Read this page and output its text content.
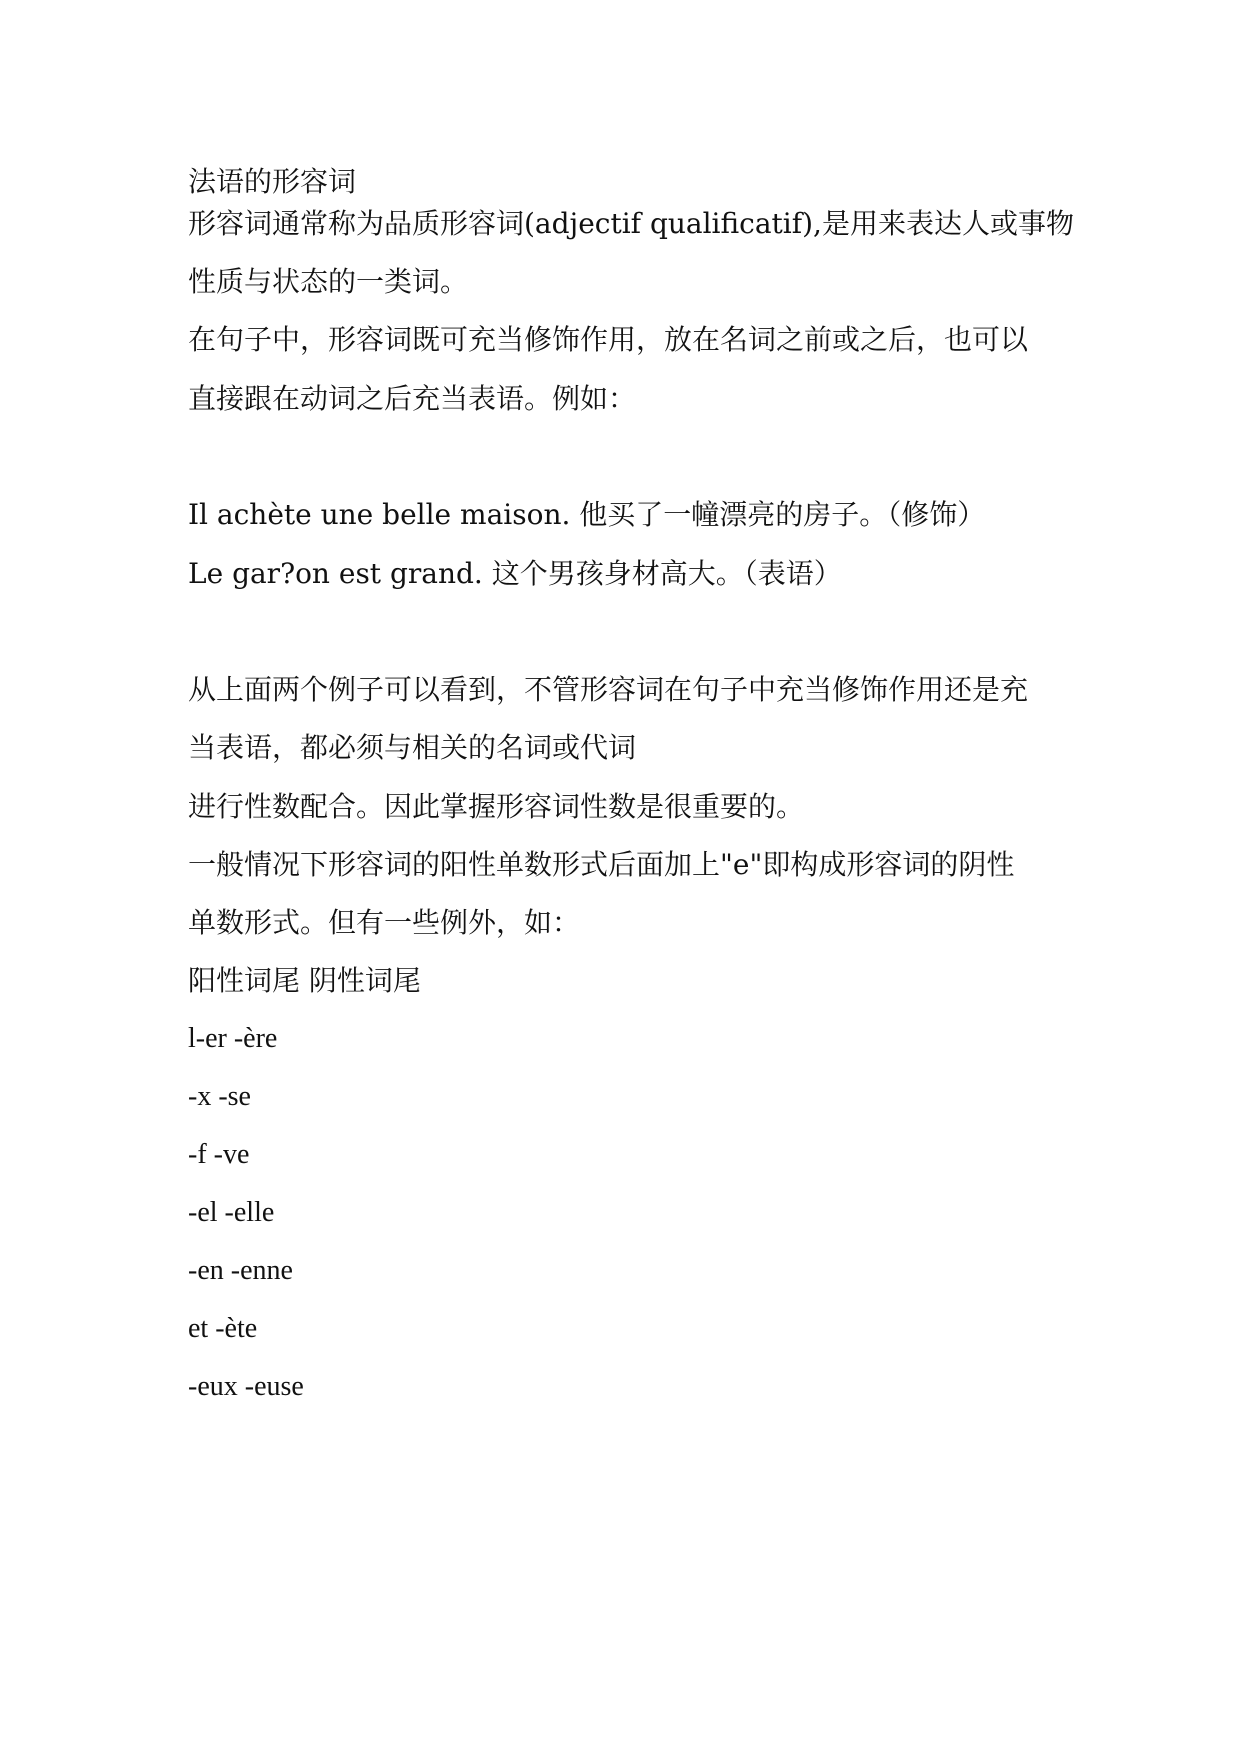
法语的形容词
形容词通常称为品质形容词(adjectif qualificatif),是用来表达人或事物
性质与状态的一类词。
在句子中，形容词既可充当修饰作用，放在名词之前或之后，也可以
直接跟在动词之后充当表语。例如：
Il achète une belle maison. 他买了一幢漂亮的房子。（修饰）
Le gar?on est grand. 这个男孩身材高大。（表语）
从上面两个例子可以看到，不管形容词在句子中充当修饰作用还是充
当表语，都必须与相关的名词或代词
进行性数配合。因此掌握形容词性数是很重要的。
一般情况下形容词的阳性单数形式后面加上"e"即构成形容词的阴性
单数形式。但有一些例外，如：
阳性词尾 阴性词尾
l-er -ère
-x -se
-f -ve
-el -elle
-en -enne
et -ète
-eux -euse
